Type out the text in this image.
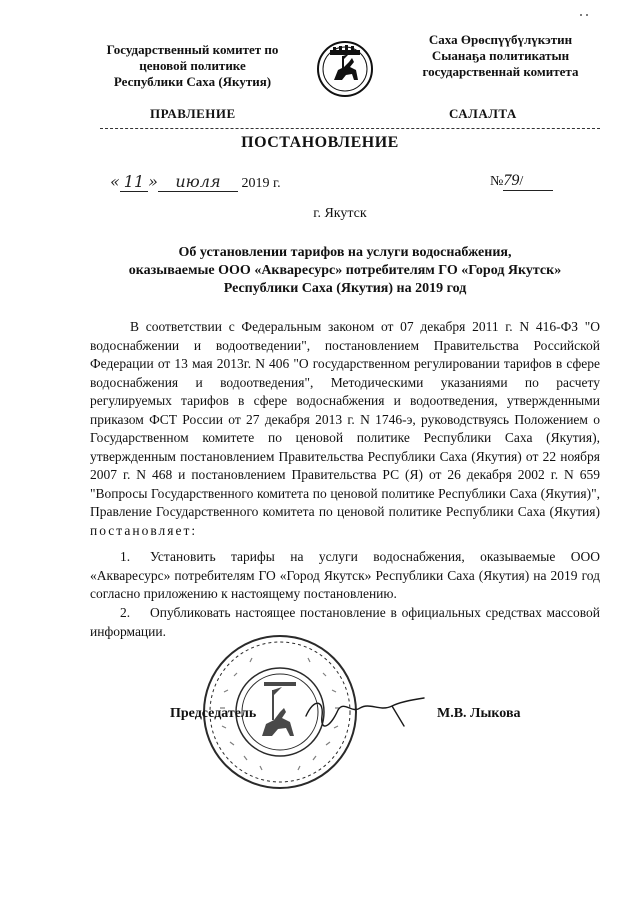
Государственный комитет по
ценовой политике
Республики Саха (Якутия)
Саха Өрөспүүбүлүкэтин
Сыанаҕа политикатын
государственнай комитета
ПРАВЛЕНИЕ	САЛАЛТА
ПОСТАНОВЛЕНИЕ
« 11 » июля 2019 г.	№79/
г. Якутск
Об установлении тарифов на услуги водоснабжения,
оказываемые ООО «Акваресурс» потребителям ГО «Город Якутск»
Республики Саха (Якутия) на 2019 год
В соответствии с Федеральным законом от 07 декабря 2011 г. N 416-ФЗ "О водоснабжении и водоотведении", постановлением Правительства Российской Федерации от 13 мая 2013г. N 406 "О государственном регулировании тарифов в сфере водоснабжения и водоотведения", Методическими указаниями по расчету регулируемых тарифов в сфере водоснабжения и водоотведения, утвержденными приказом ФСТ России от 27 декабря 2013 г. N 1746-э, руководствуясь Положением о Государственном комитете по ценовой политике Республики Саха (Якутия), утвержденным постановлением Правительства Республики Саха (Якутия) от 22 ноября 2007 г. N 468 и постановлением Правительства РС (Я) от 26 декабря 2002 г. N 659 "Вопросы Государственного комитета по ценовой политике Республики Саха (Якутия)", Правление Государственного комитета по ценовой политике Республики Саха (Якутия) постановляет:
1. Установить тарифы на услуги водоснабжения, оказываемые ООО «Акваресурс» потребителям ГО «Город Якутск» Республики Саха (Якутия) на 2019 год согласно приложению к настоящему постановлению.
2. Опубликовать настоящее постановление в официальных средствах массовой информации.
Председатель	М.В. Лыкова
